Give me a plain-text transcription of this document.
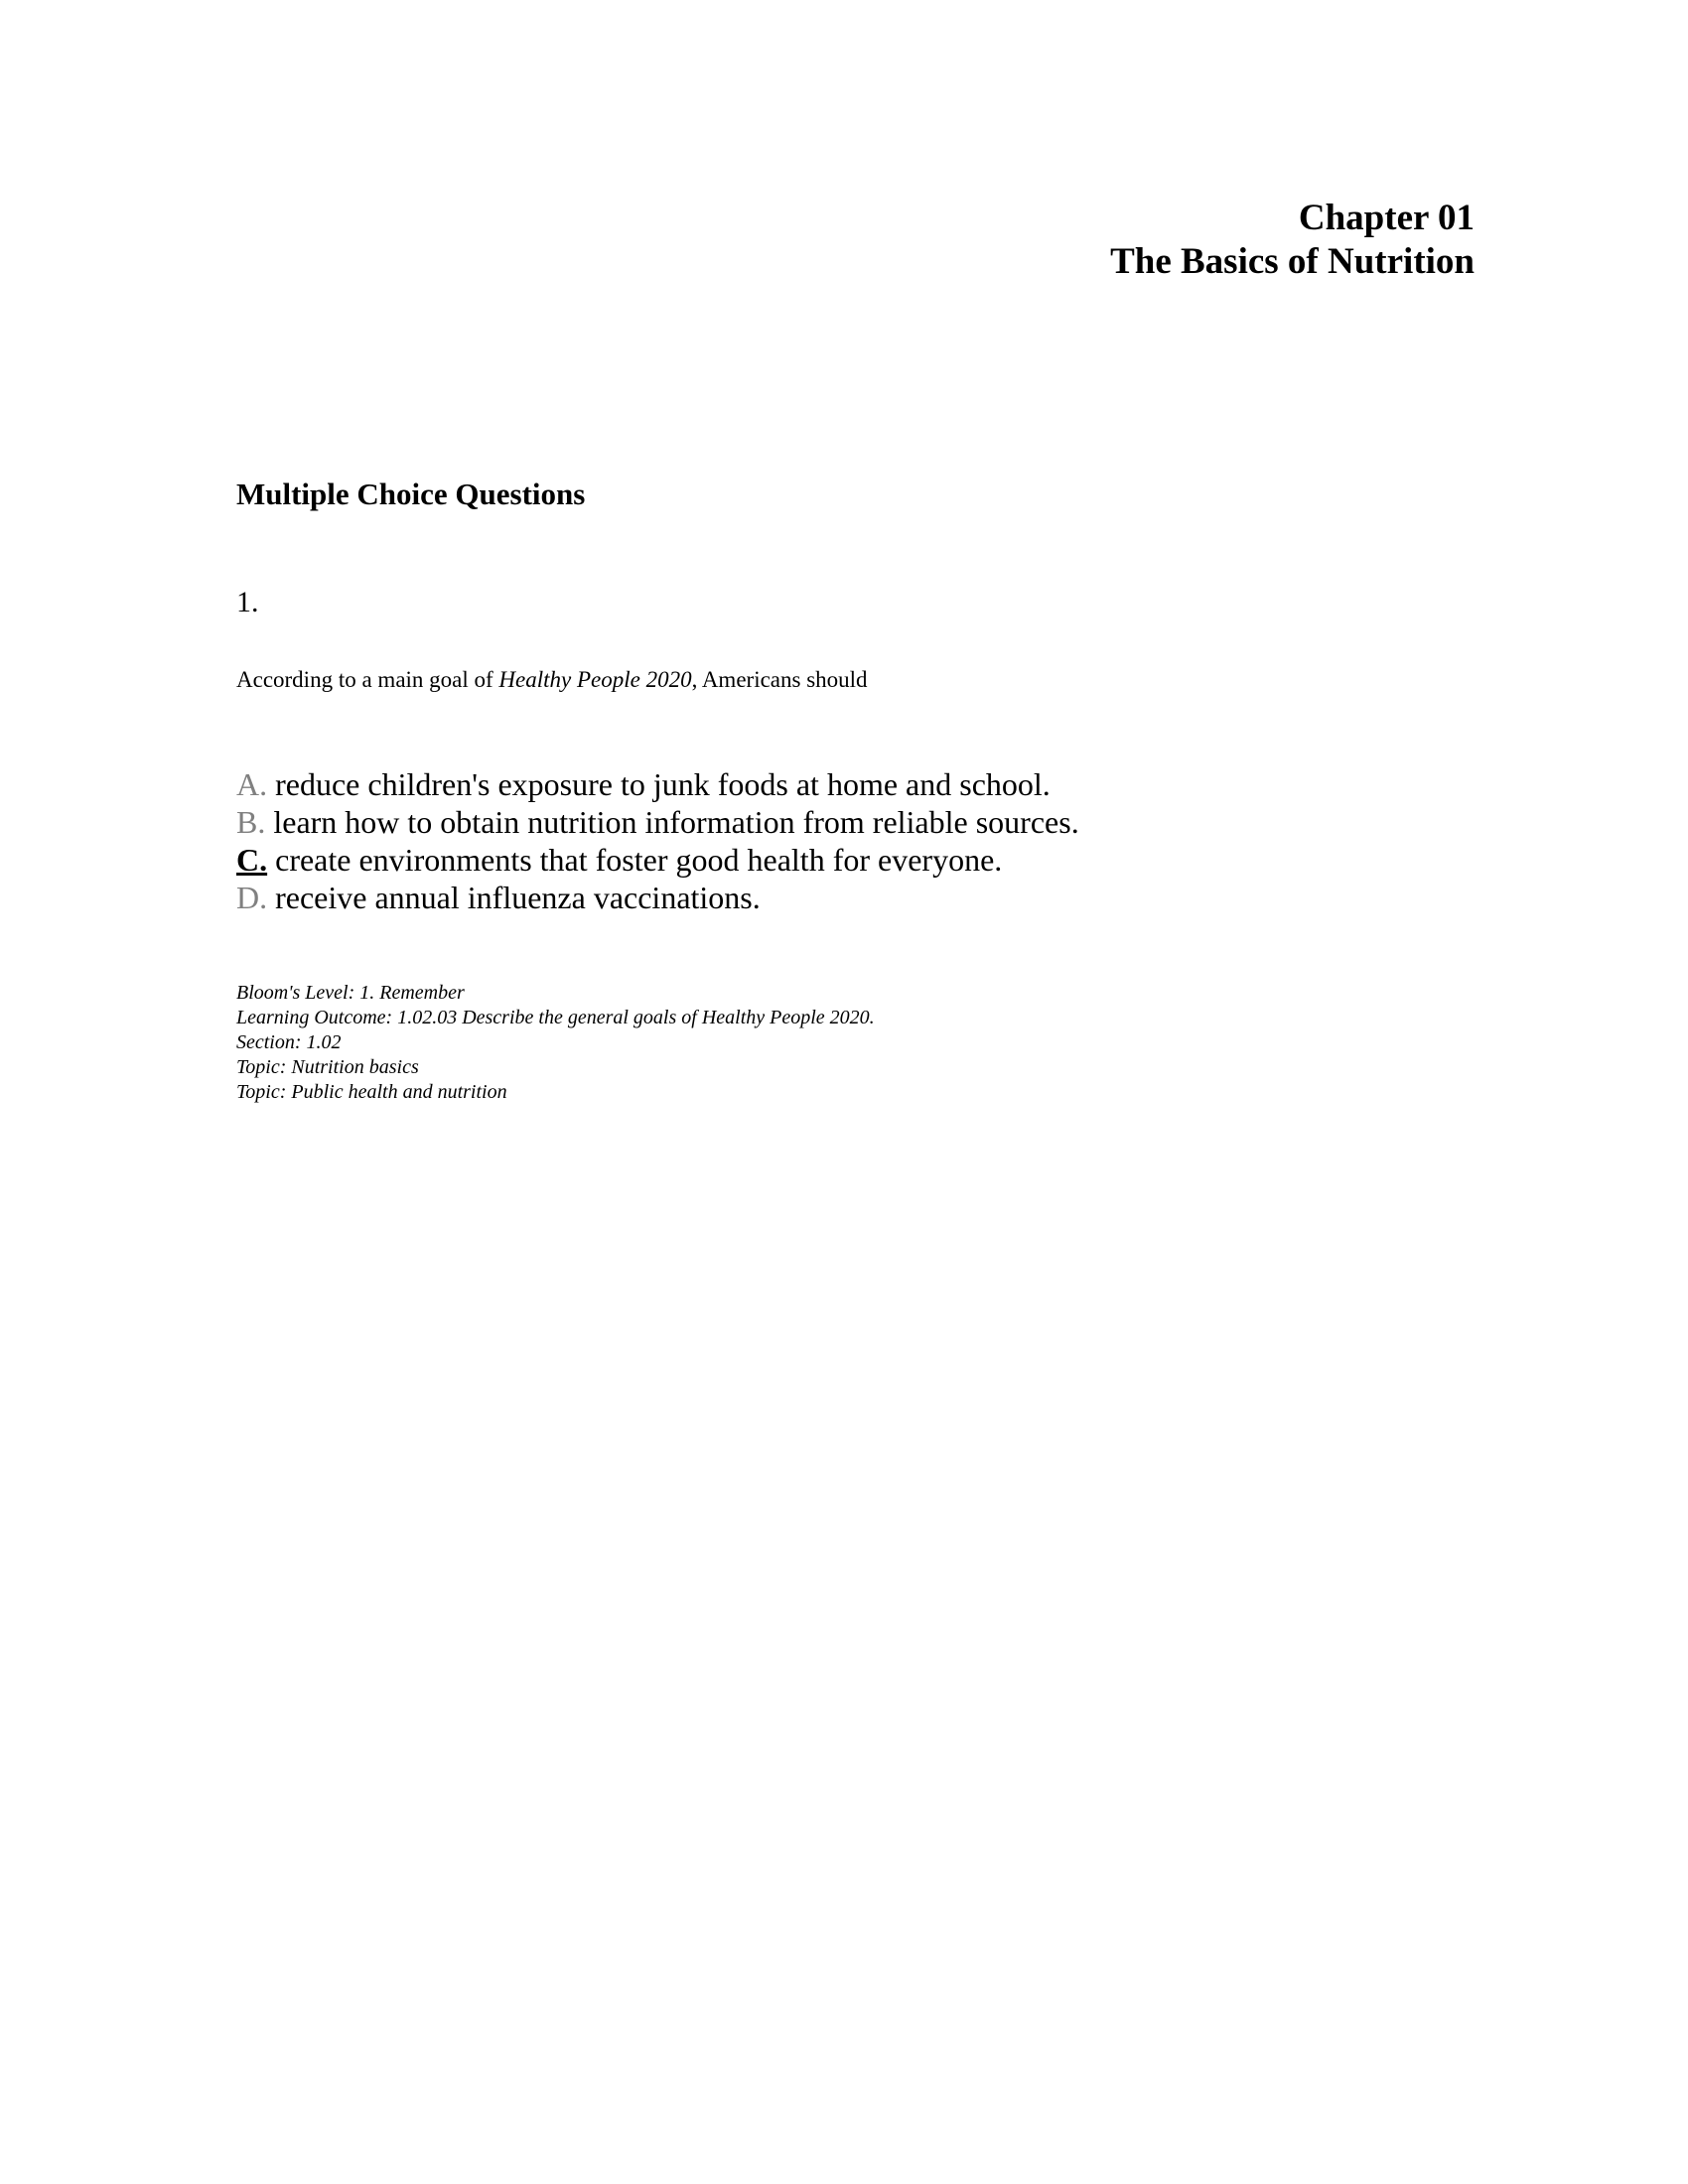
Chapter 01
The Basics of Nutrition
Multiple Choice Questions
1.
According to a main goal of Healthy People 2020, Americans should
A. reduce children's exposure to junk foods at home and school.
B. learn how to obtain nutrition information from reliable sources.
C. create environments that foster good health for everyone.
D. receive annual influenza vaccinations.
Bloom's Level: 1. Remember
Learning Outcome: 1.02.03 Describe the general goals of Healthy People 2020.
Section: 1.02
Topic: Nutrition basics
Topic: Public health and nutrition
